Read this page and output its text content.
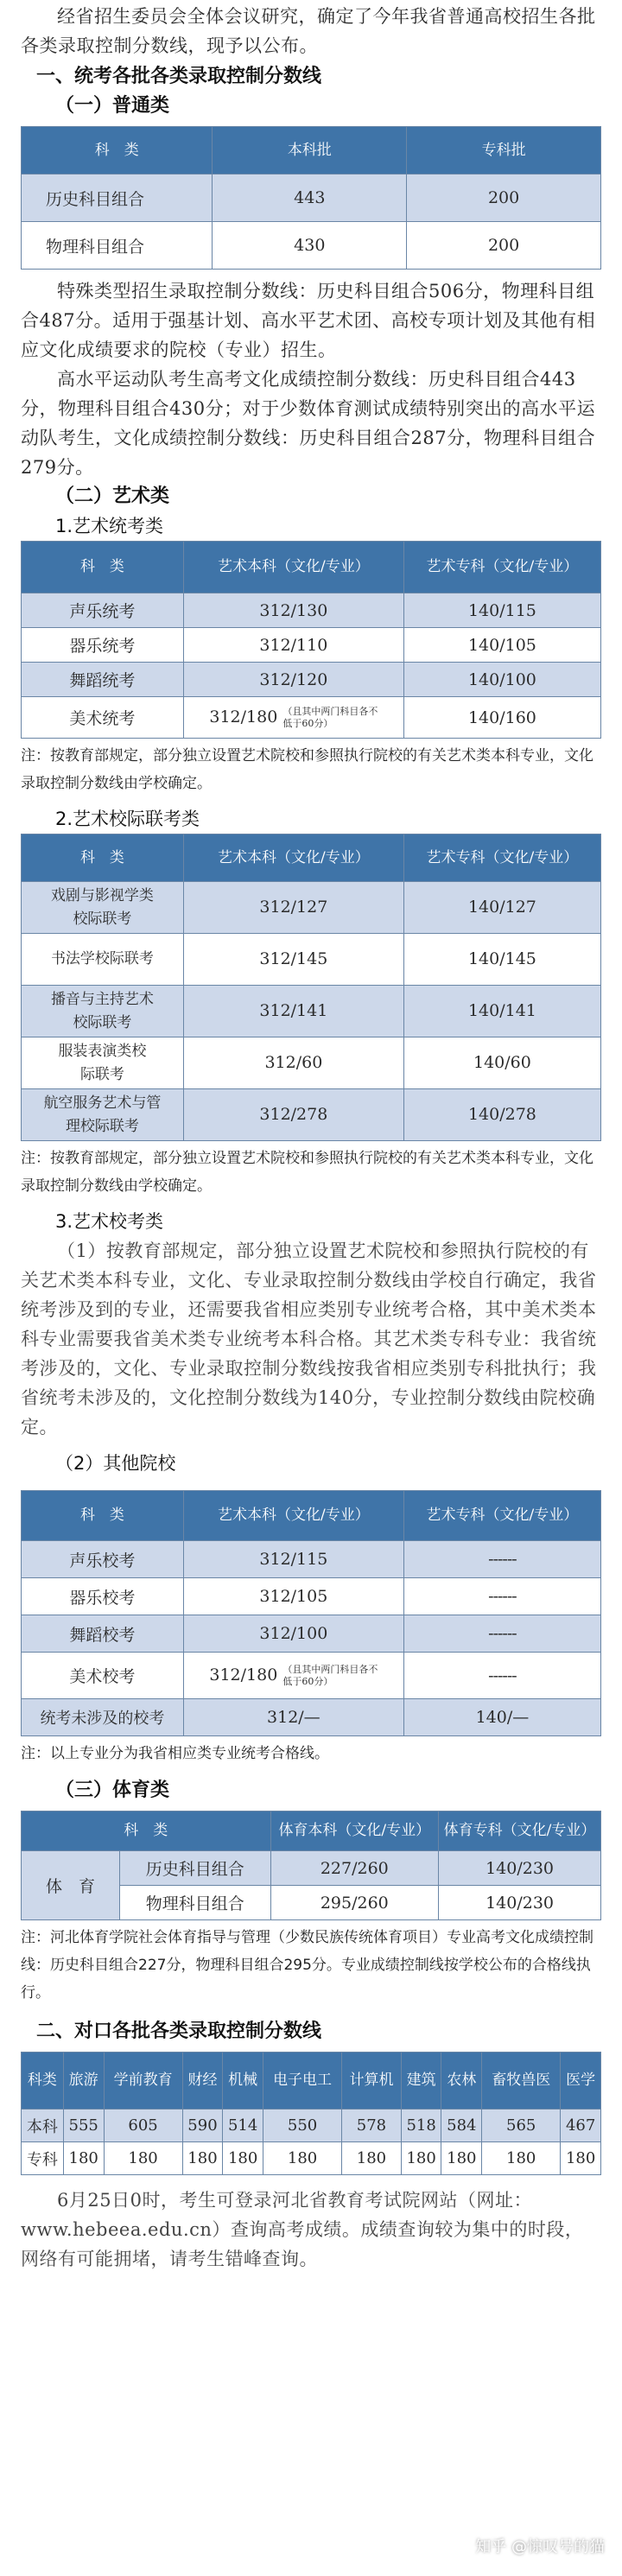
经省招生委员会全体会议研究，确定了今年我省普通高校招生各批各类录取控制分数线，现予以公布。

一、统考各批各类录取控制分数线
（一）普通类
科　类	本科批	专科批
历史科目组合	443	200
物理科目组合	430	200

特殊类型招生录取控制分数线：历史科目组合506分，物理科目组合487分。适用于强基计划、高水平艺术团、高校专项计划及其他有相应文化成绩要求的院校（专业）招生。

高水平运动队考生高考文化成绩控制分数线：历史科目组合443分，物理科目组合430分；对于少数体育测试成绩特别突出的高水平运动队考生，文化成绩控制分数线：历史科目组合287分，物理科目组合279分。

（二）艺术类
1.艺术统考类
科　类	艺术本科（文化/专业）	艺术专科（文化/专业）
声乐统考	312/130	140/115
器乐统考	312/110	140/105
舞蹈统考	312/120	140/100
美术统考	312/180 （且其中两门科目各不低于60分）	140/160
注：按教育部规定，部分独立设置艺术院校和参照执行院校的有关艺术类本科专业，文化录取控制分数线由学校确定。
2.艺术校际联考类
科　类	艺术本科（文化/专业）	艺术专科（文化/专业）
戏剧与影视学类校际联考	312/127	140/127
书法学校际联考	312/145	140/145
播音与主持艺术校际联考	312/141	140/141
服装表演类校际联考	312/60	140/60
航空服务艺术与管理校际联考	312/278	140/278
注：按教育部规定，部分独立设置艺术院校和参照执行院校的有关艺术类本科专业，文化录取控制分数线由学校确定。
3.艺术校考类

（1）按教育部规定，部分独立设置艺术院校和参照执行院校的有关艺术类本科专业，文化、专业录取控制分数线由学校自行确定，我省统考涉及到的专业，还需要我省相应类别专业统考合格，其中美术类本科专业需要我省美术类专业统考本科合格。其艺术类专科专业：我省统考涉及的，文化、专业录取控制分数线按我省相应类别专科批执行；我省统考未涉及的，文化控制分数线为140分，专业控制分数线由院校确定。

（2）其他院校
科　类	艺术本科（文化/专业）	艺术专科（文化/专业）
声乐校考	312/115	------
器乐校考	312/105	------
舞蹈校考	312/100	------
美术校考	312/180 （且其中两门科目各不低于60分）	------
统考未涉及的校考	312/—	140/—
注：以上专业分为我省相应类专业统考合格线。
（三）体育类
科　类		体育本科（文化/专业）	体育专科（文化/专业）
体　育	历史科目组合	227/260	140/230
	物理科目组合	295/260	140/230
注：河北体育学院社会体育指导与管理（少数民族传统体育项目）专业高考文化成绩控制线：历史科目组合227分，物理科目组合295分。专业成绩控制线按学校公布的合格线执行。
二、对口各批各类录取控制分数线
科类	旅游	学前教育	财经	机械	电子电工	计算机	建筑	农林	畜牧兽医	医学
本科	555	605	590	514	550	578	518	584	565	467
专科	180	180	180	180	180	180	180	180	180	180

6月25日0时，考生可登录河北省教育考试院网站（网址：www.hebeea.edu.cn）查询高考成绩。成绩查询较为集中的时段，网络有可能拥堵，请考生错峰查询。

知乎 @惊叹号的猫
